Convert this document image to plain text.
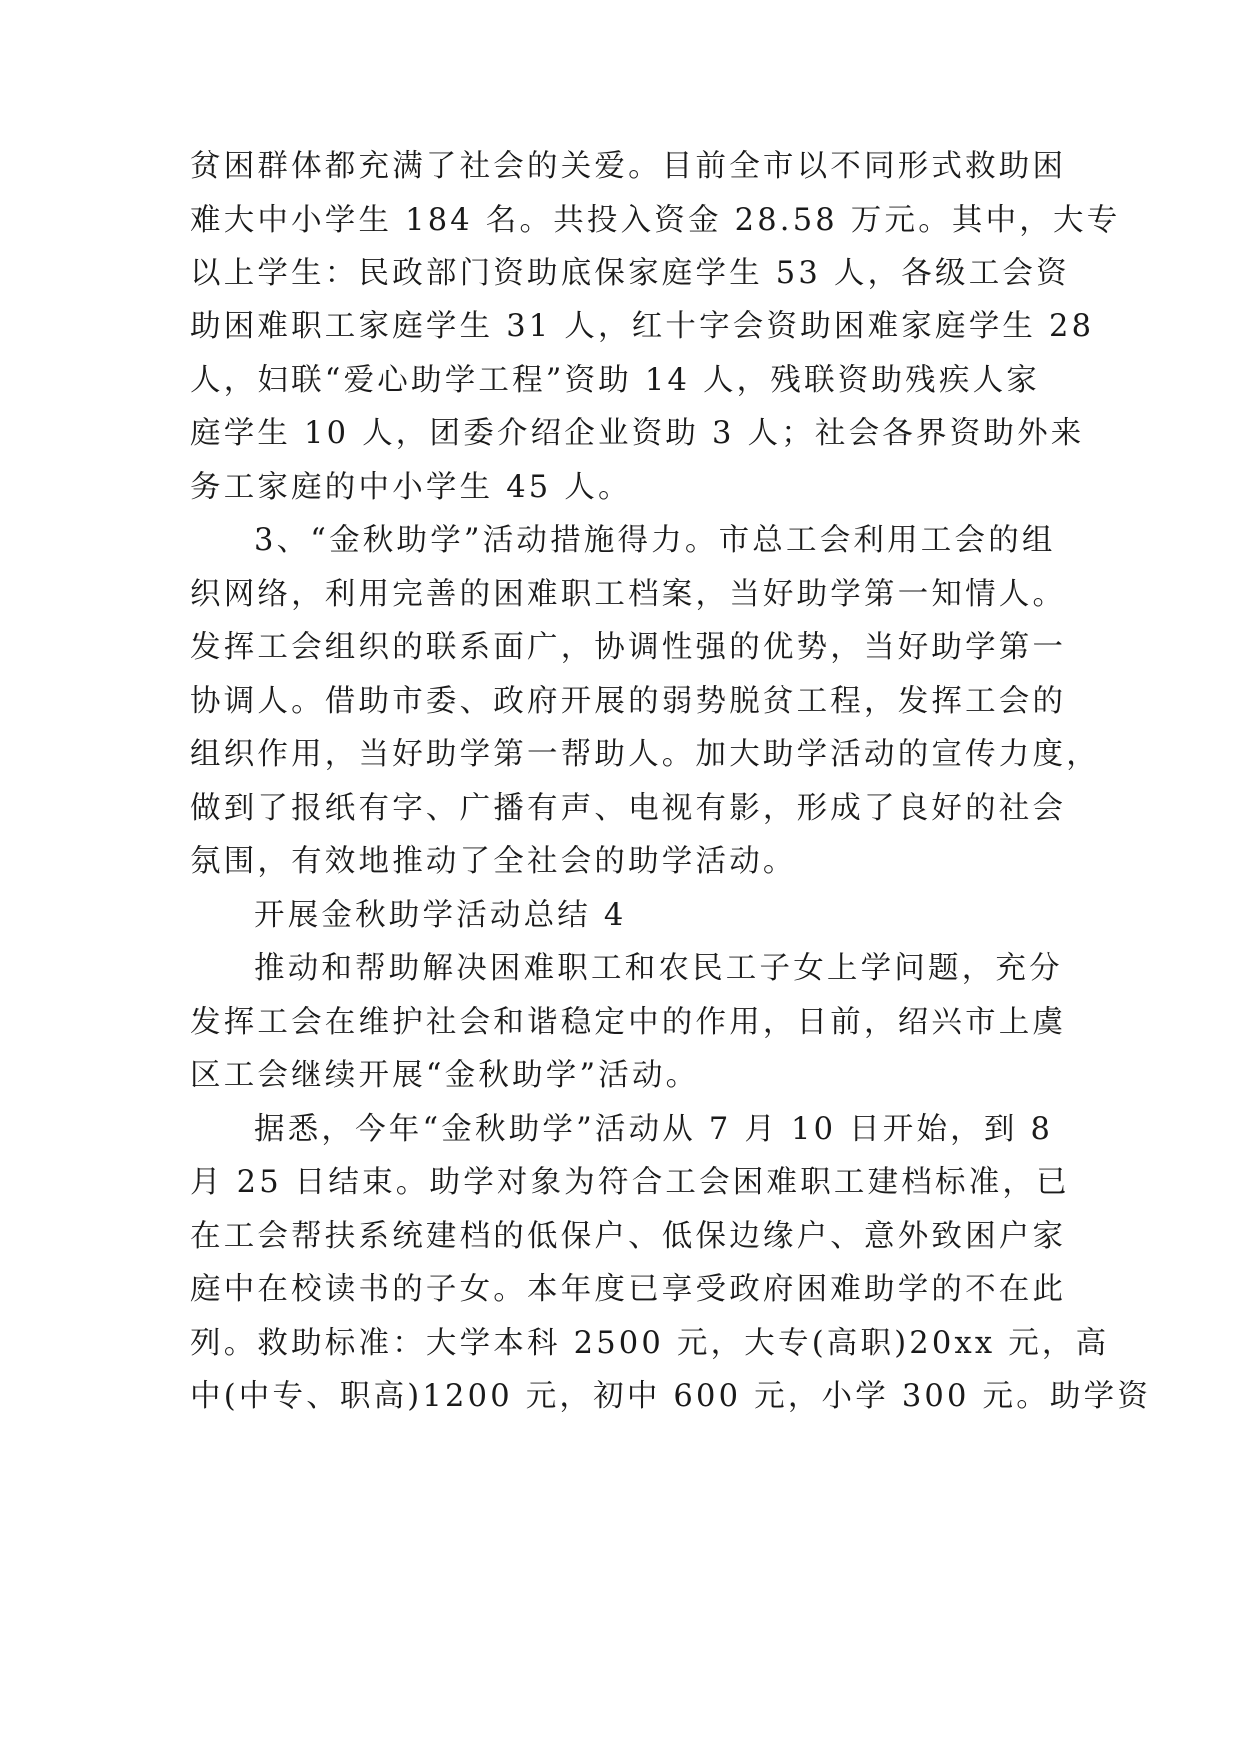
贫困群体都充满了社会的关爱。目前全市以不同形式救助困
难大中小学生 184 名。共投入资金 28.58 万元。其中，大专
以上学生：民政部门资助底保家庭学生 53 人，各级工会资
助困难职工家庭学生 31 人，红十字会资助困难家庭学生 28
人，妇联“爱心助学工程”资助 14 人，残联资助残疾人家
庭学生 10 人，团委介绍企业资助 3 人；社会各界资助外来
务工家庭的中小学生 45 人。
3、“金秋助学”活动措施得力。市总工会利用工会的组
织网络，利用完善的困难职工档案，当好助学第一知情人。
发挥工会组织的联系面广，协调性强的优势，当好助学第一
协调人。借助市委、政府开展的弱势脱贫工程，发挥工会的
组织作用，当好助学第一帮助人。加大助学活动的宣传力度，
做到了报纸有字、广播有声、电视有影，形成了良好的社会
氛围，有效地推动了全社会的助学活动。
开展金秋助学活动总结 4
推动和帮助解决困难职工和农民工子女上学问题，充分
发挥工会在维护社会和谐稳定中的作用，日前，绍兴市上虞
区工会继续开展“金秋助学”活动。
据悉，今年“金秋助学”活动从 7 月 10 日开始，到 8
月 25 日结束。助学对象为符合工会困难职工建档标准，已
在工会帮扶系统建档的低保户、低保边缘户、意外致困户家
庭中在校读书的子女。本年度已享受政府困难助学的不在此
列。救助标准：大学本科 2500 元，大专(高职)20xx 元，高
中(中专、职高)1200 元，初中 600 元，小学 300 元。助学资
